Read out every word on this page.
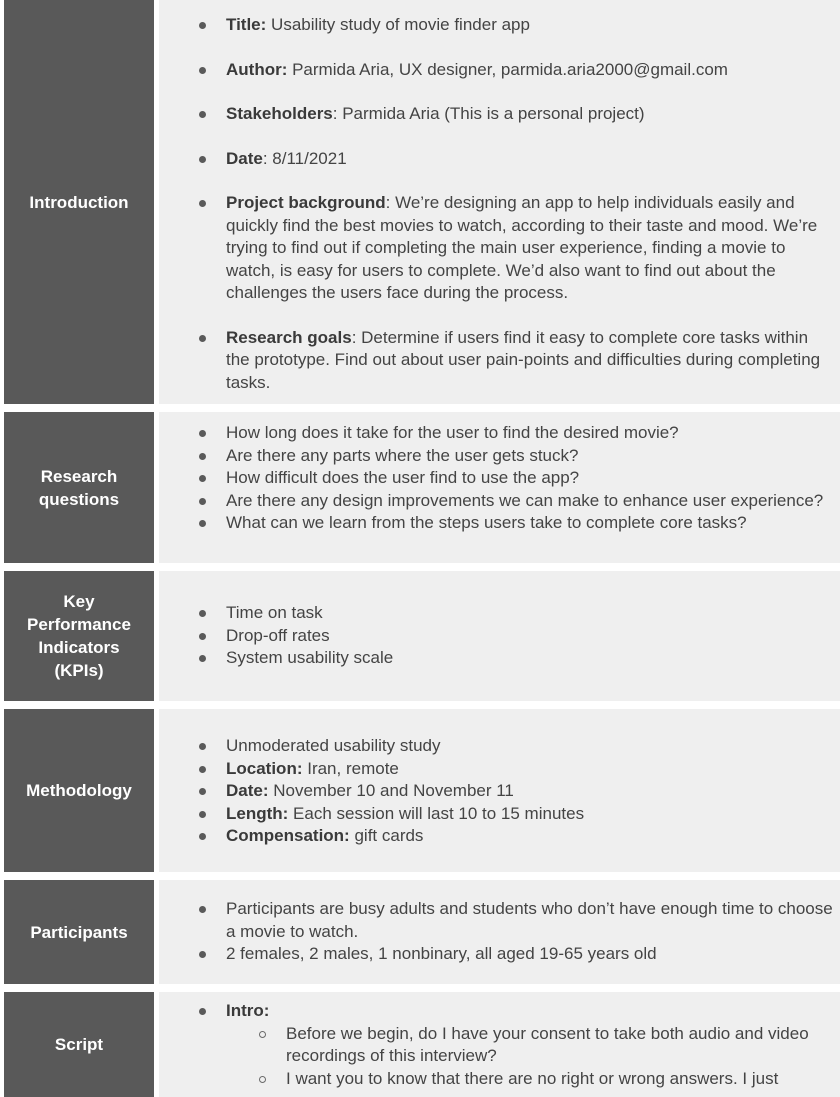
Introduction
Title: Usability study of movie finder app
Author: Parmida Aria, UX designer, parmida.aria2000@gmail.com
Stakeholders: Parmida Aria (This is a personal project)
Date: 8/11/2021
Project background: We’re designing an app to help individuals easily and quickly find the best movies to watch, according to their taste and mood. We’re trying to find out if completing the main user experience, finding a movie to watch, is easy for users to complete. We’d also want to find out about the challenges the users face during the process.
Research goals: Determine if users find it easy to complete core tasks within the prototype. Find out about user pain-points and difficulties during completing tasks.
Research questions
How long does it take for the user to find the desired movie?
Are there any parts where the user gets stuck?
How difficult does the user find to use the app?
Are there any design improvements we can make to enhance user experience?
What can we learn from the steps users take to complete core tasks?
Key Performance Indicators (KPIs)
Time on task
Drop-off rates
System usability scale
Methodology
Unmoderated usability study
Location: Iran, remote
Date: November 10 and November 11
Length: Each session will last 10 to 15 minutes
Compensation: gift cards
Participants
Participants are busy adults and students who don’t have enough time to choose a movie to watch.
2 females, 2 males, 1 nonbinary, all aged 19-65 years old
Script
Intro:
Before we begin, do I have your consent to take both audio and video recordings of this interview?
I want you to know that there are no right or wrong answers. I just
